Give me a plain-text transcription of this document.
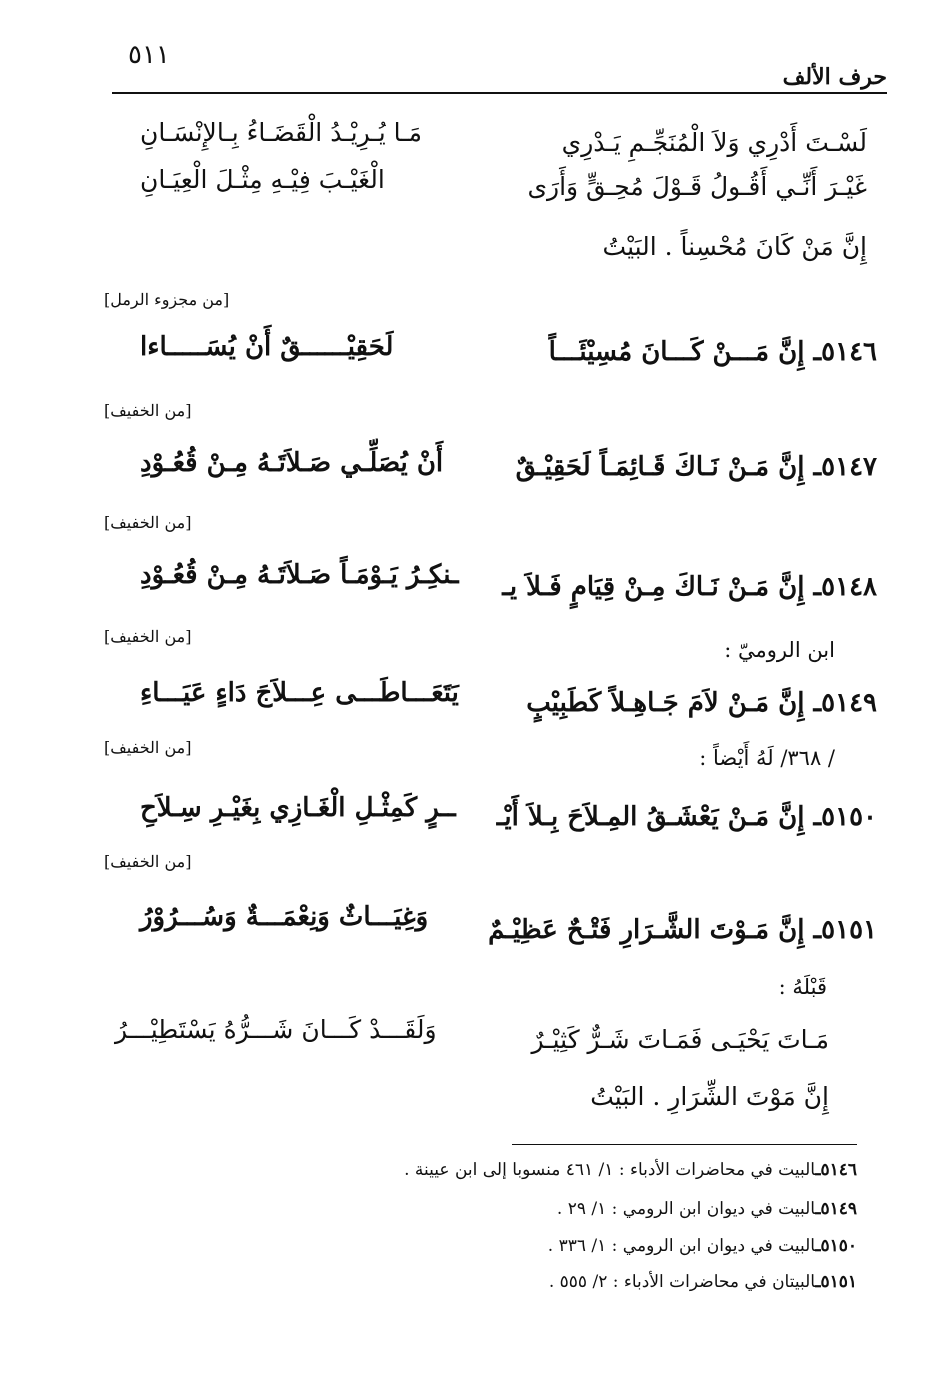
٥١١
حرف الألف
لَسْـتَ أَدْرِي وَلاَ الْمُنَجِّـمِ يَـدْرِي
مَـا يُـرِيْـدُ الْقَضَـاءُ بِـالإِنْسَـانِ
غَيْـرَ أَنِّـي أَقُـولُ قَـوْلَ مُحِـقٍّ وَأَرَى
الْغَيْـبَ فِيْـهِ مِثْـلَ الْعِيَـانِ
إِنَّ مَنْ كَانَ مُحْسِناً . البَيْتُ
[من مجزوء الرمل]
٥١٤٦ـ إِنَّ مَـــنْ كَـــانَ مُسِيْئَـــاً
لَحَقِيْــــــقٌ أَنْ يُسَـــــاءا
[من الخفيف]
٥١٤٧ـ إِنَّ مَـنْ نَـاكَ قَـائِمَـاً لَحَقِيْـقٌ
أَنْ يُصَلِّـي صَـلاَتَـهُ مِـنْ قُعُـوْدِ
[من الخفيف]
٥١٤٨ـ إِنَّ مَـنْ نَـاكَ مِـنْ قِيَامٍ فَـلاَ يـ
ـنكِـرُ يَـوْمَـاً صَـلاَتَـهُ مِـنْ قُعُـوْدِ
[من الخفيف]
ابن الروميّ :
٥١٤٩ـ إِنَّ مَـنْ لاَمَ جَـاهِـلاً كَطَبِيْبٍ
يَتَعَـــاطَـــى عِـــلاَجَ دَاءٍ عَيَـــاءِ
[من الخفيف]	/ ٣٦٨/ لَهُ أَيْضاً :
٥١٥٠ـ إِنَّ مَـنْ يَعْشَـقُ المِـلاَحَ بِـلاَ أَيْـ
ــرٍ كَمِثْـلِ الْغَـازِي بِغَيْـرِ سِـلاَحِ
[من الخفيف]
٥١٥١ـ إِنَّ مَـوْتَ الشَّـرَارِ فَتْـحٌ عَظِيْـمٌ
وَغِيَـــاثٌ وَنِعْمَـــةٌ وَسُـــرُوْرُ
قَبْلَهُ :
مَـاتَ يَحْيَـى فَمَـاتَ شَـرٌّ كَثِيْـرٌ
وَلَقَـــدْ كَـــانَ شَـــرُّهُ يَسْتَطِيْـــرُ
إِنَّ مَوْتَ الشِّرَارِ . البَيْتُ
٥١٤٦ـالبيت في محاضرات الأدباء : ١/ ٤٦١ منسوبا إلى ابن عيينة .
٥١٤٩ـالبيت في ديوان ابن الرومي : ١/ ٢٩ .
٥١٥٠ـالبيت في ديوان ابن الرومي : ١/ ٣٣٦ .
٥١٥١ـالبيتان في محاضرات الأدباء : ٢/ ٥٥٥ .
